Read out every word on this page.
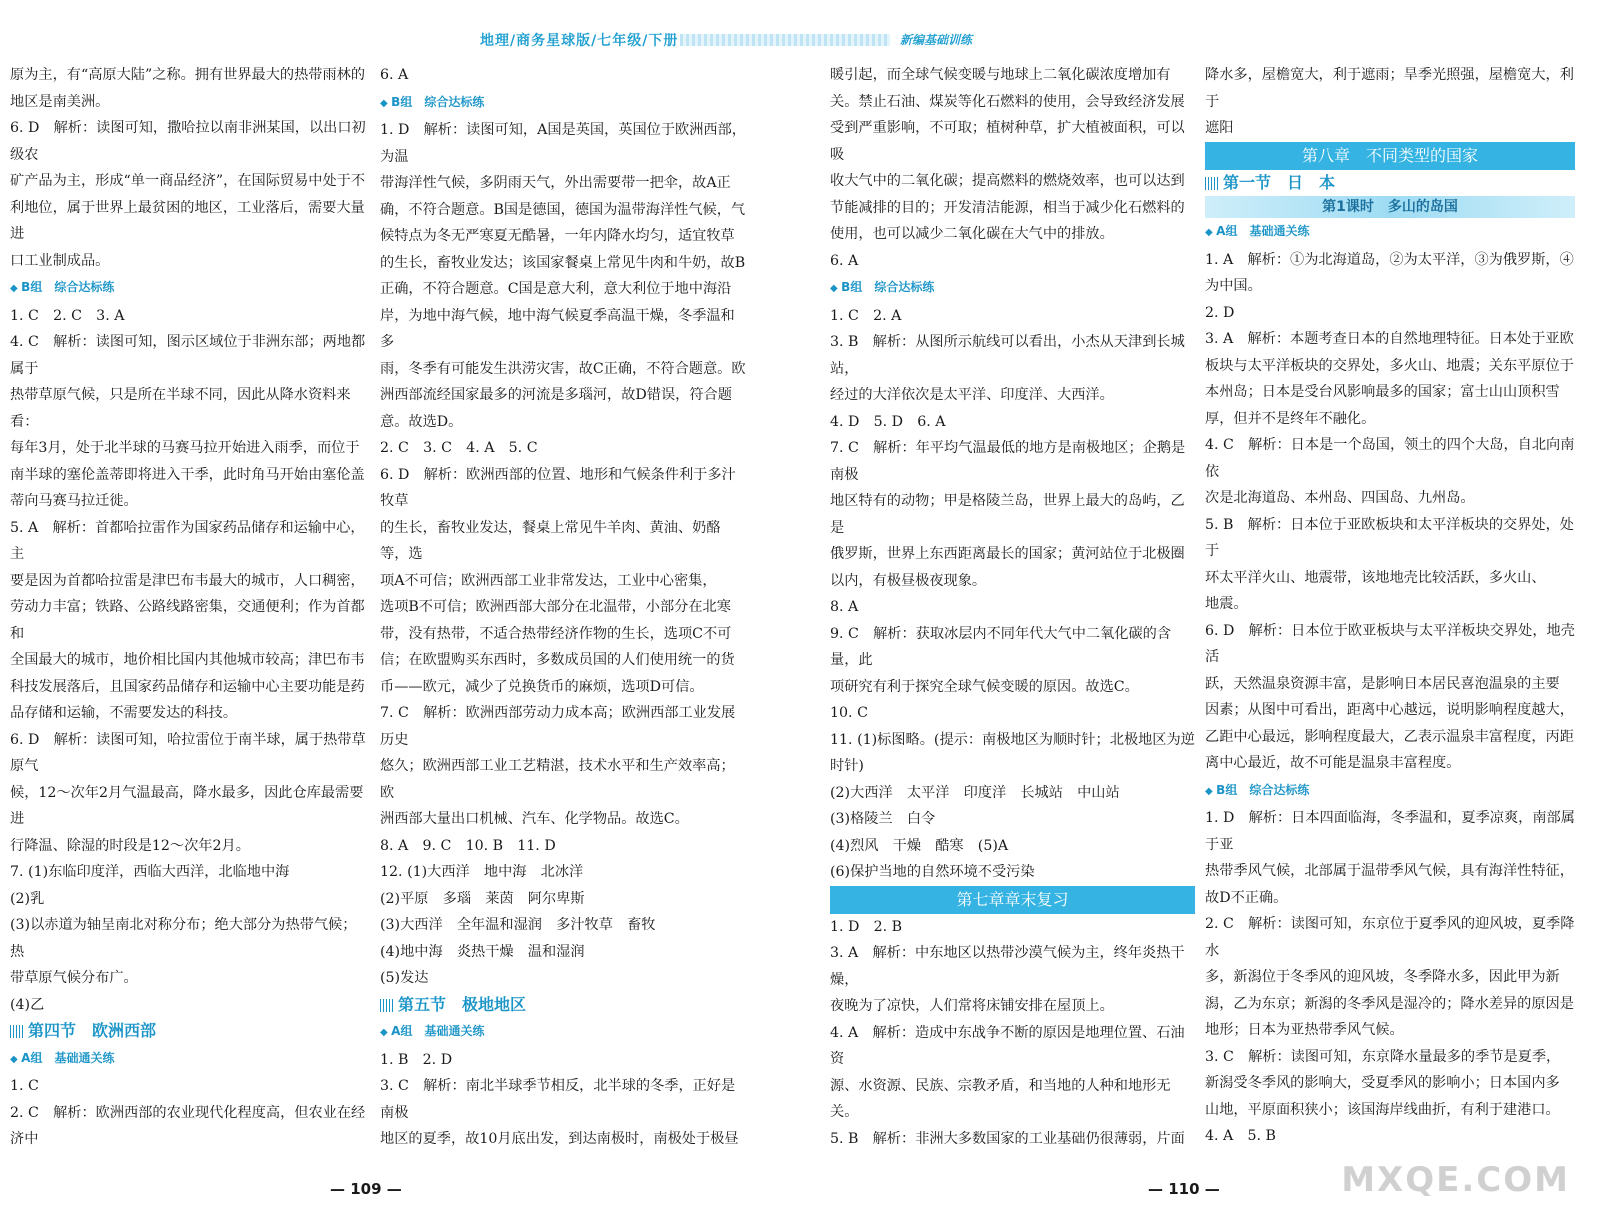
地理/商务星球版/七年级/下册	新编基础训练

原为主，有“高原大陆”之称。拥有世界最大的热带雨林的

地区是南美洲。

6. D　解析：读图可知，撒哈拉以南非洲某国，以出口初级农

矿产品为主，形成“单一商品经济”，在国际贸易中处于不

利地位，属于世界上最贫困的地区，工业落后，需要大量进

口工业制成品。

◆ B组　综合达标练

1. C　2. C　3. A

4. C　解析：读图可知，图示区域位于非洲东部；两地都属于

热带草原气候，只是所在半球不同，因此从降水资料来看：

每年3月，处于北半球的马赛马拉开始进入雨季，而位于

南半球的塞伦盖蒂即将进入干季，此时角马开始由塞伦盖

蒂向马赛马拉迁徙。

5. A　解析：首都哈拉雷作为国家药品储存和运输中心，主

要是因为首都哈拉雷是津巴布韦最大的城市，人口稠密，

劳动力丰富；铁路、公路线路密集，交通便利；作为首都和

全国最大的城市，地价相比国内其他城市较高；津巴布韦

科技发展落后，且国家药品储存和运输中心主要功能是药

品存储和运输，不需要发达的科技。

6. D　解析：读图可知，哈拉雷位于南半球，属于热带草原气

候，12～次年2月气温最高，降水最多，因此仓库最需要进

行降温、除湿的时段是12～次年2月。

7. (1)东临印度洋，西临大西洋，北临地中海

(2)乳

(3)以赤道为轴呈南北对称分布；绝大部分为热带气候；热

带草原气候分布广。

(4)乙

第四节　欧洲西部

◆ A组　基础通关练

1. C

2. C　解析：欧洲西部的农业现代化程度高，但农业在经济中

6. A

◆ B组　综合达标练

1. D　解析：读图可知，A国是英国，英国位于欧洲西部，为温

带海洋性气候，多阴雨天气，外出需要带一把伞，故A正

确，不符合题意。B国是德国，德国为温带海洋性气候，气

候特点为冬无严寒夏无酷暑，一年内降水均匀，适宜牧草

的生长，畜牧业发达；该国家餐桌上常见牛肉和牛奶，故B

正确，不符合题意。C国是意大利，意大利位于地中海沿

岸，为地中海气候，地中海气候夏季高温干燥，冬季温和多

雨，冬季有可能发生洪涝灾害，故C正确，不符合题意。欧

洲西部流经国家最多的河流是多瑙河，故D错误，符合题

意。故选D。

2. C　3. C　4. A　5. C

6. D　解析：欧洲西部的位置、地形和气候条件利于多汁牧草

的生长，畜牧业发达，餐桌上常见牛羊肉、黄油、奶酪等，选

项A不可信；欧洲西部工业非常发达，工业中心密集，

选项B不可信；欧洲西部大部分在北温带，小部分在北寒

带，没有热带，不适合热带经济作物的生长，选项C不可

信；在欧盟购买东西时，多数成员国的人们使用统一的货

币——欧元，减少了兑换货币的麻烦，选项D可信。

7. C　解析：欧洲西部劳动力成本高；欧洲西部工业发展历史

悠久；欧洲西部工业工艺精湛，技术水平和生产效率高；欧

洲西部大量出口机械、汽车、化学物品。故选C。

8. A　9. C　10. B　11. D

12. (1)大西洋　地中海　北冰洋

(2)平原　多瑙　莱茵　阿尔卑斯

(3)大西洋　全年温和湿润　多汁牧草　畜牧

(4)地中海　炎热干燥　温和湿润

(5)发达

第五节　极地地区

◆ A组　基础通关练

1. B　2. D

3. C　解析：南北半球季节相反，北半球的冬季，正好是南极

地区的夏季，故10月底出发，到达南极时，南极处于极昼

暖引起，而全球气候变暖与地球上二氧化碳浓度增加有

关。禁止石油、煤炭等化石燃料的使用，会导致经济发展

受到严重影响，不可取；植树种草，扩大植被面积，可以吸

收大气中的二氧化碳；提高燃料的燃烧效率，也可以达到

节能减排的目的；开发清洁能源，相当于减少化石燃料的

使用，也可以减少二氧化碳在大气中的排放。

6. A

◆ B组　综合达标练

1. C　2. A

3. B　解析：从图所示航线可以看出，小杰从天津到长城站，

经过的大洋依次是太平洋、印度洋、大西洋。

4. D　5. D　6. A

7. C　解析：年平均气温最低的地方是南极地区；企鹅是南极

地区特有的动物；甲是格陵兰岛，世界上最大的岛屿，乙是

俄罗斯，世界上东西距离最长的国家；黄河站位于北极圈

以内，有极昼极夜现象。

8. A

9. C　解析：获取冰层内不同年代大气中二氧化碳的含量，此

项研究有利于探究全球气候变暖的原因。故选C。

10. C

11. (1)标图略。(提示：南极地区为顺时针；北极地区为逆

时针)

(2)大西洋　太平洋　印度洋　长城站　中山站

(3)格陵兰　白令

(4)烈风　干燥　酷寒　(5)A

(6)保护当地的自然环境不受污染

第七章章末复习

1. D　2. B

3. A　解析：中东地区以热带沙漠气候为主，终年炎热干燥，

夜晚为了凉快，人们常将床铺安排在屋顶上。

4. A　解析：造成中东战争不断的原因是地理位置、石油资

源、水资源、民族、宗教矛盾，和当地的人种和地形无关。

5. B　解析：非洲大多数国家的工业基础仍很薄弱，片面

降水多，屋檐宽大，利于遮雨；旱季光照强，屋檐宽大，利于

遮阳

第八章　不同类型的国家

第一节　日　本

第1课时　多山的岛国

◆ A组　基础通关练

1. A　解析：①为北海道岛，②为太平洋，③为俄罗斯，④

为中国。

2. D

3. A　解析：本题考查日本的自然地理特征。日本处于亚欧

板块与太平洋板块的交界处，多火山、地震；关东平原位于

本州岛；日本是受台风影响最多的国家；富士山山顶积雪

厚，但并不是终年不融化。

4. C　解析：日本是一个岛国，领土的四个大岛，自北向南依

次是北海道岛、本州岛、四国岛、九州岛。

5. B　解析：日本位于亚欧板块和太平洋板块的交界处，处于

环太平洋火山、地震带，该地地壳比较活跃，多火山、

地震。

6. D　解析：日本位于欧亚板块与太平洋板块交界处，地壳活

跃，天然温泉资源丰富，是影响日本居民喜泡温泉的主要

因素；从图中可看出，距离中心越远，说明影响程度越大，

乙距中心最远，影响程度最大，乙表示温泉丰富程度，丙距

离中心最近，故不可能是温泉丰富程度。

◆ B组　综合达标练

1. D　解析：日本四面临海，冬季温和，夏季凉爽，南部属于亚

热带季风气候，北部属于温带季风气候，具有海洋性特征，

故D不正确。

2. C　解析：读图可知，东京位于夏季风的迎风坡，夏季降水

多，新潟位于冬季风的迎风坡，冬季降水多，因此甲为新

潟，乙为东京；新潟的冬季风是湿冷的；降水差异的原因是

地形；日本为亚热带季风气候。

3. C　解析：读图可知，东京降水量最多的季节是夏季，

新潟受冬季风的影响大，受夏季风的影响小；日本国内多

山地，平原面积狭小；该国海岸线曲折，有利于建港口。

4. A　5. B

— 109 —	— 110 —	MXQE.COM
